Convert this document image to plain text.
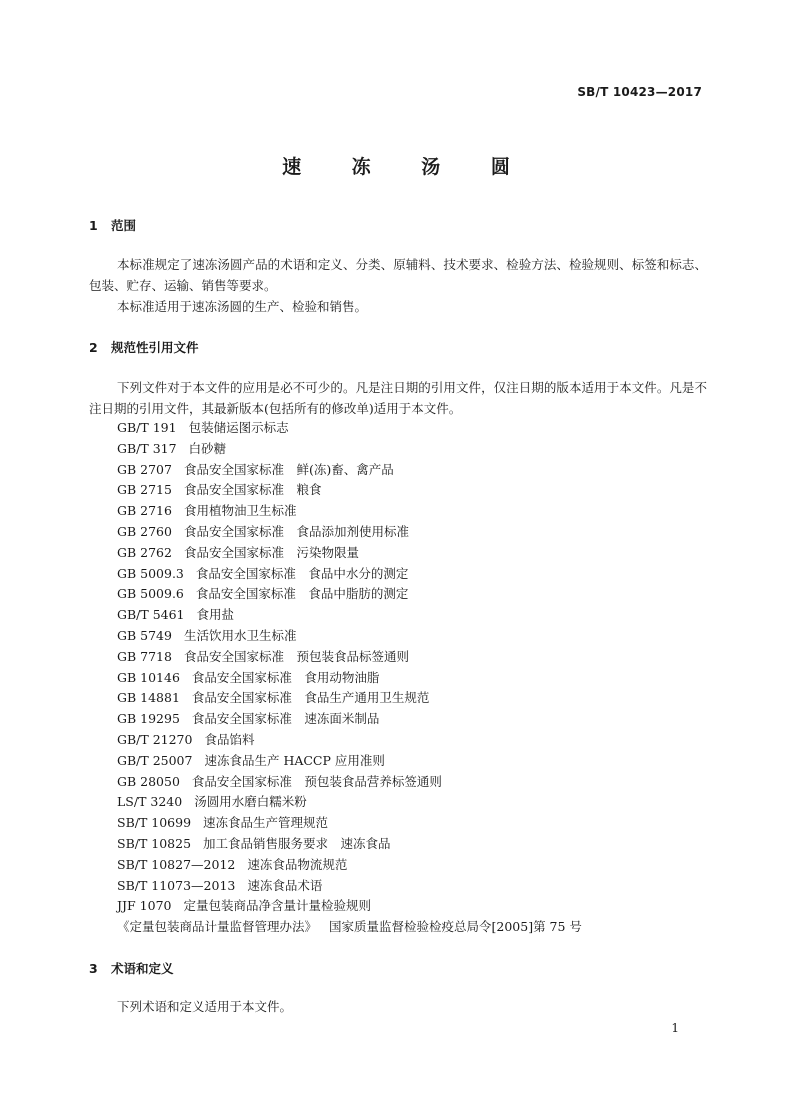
SB/T 10423—2017
速 冻 汤 圆
1 范围
本标准规定了速冻汤圆产品的术语和定义、分类、原辅料、技术要求、检验方法、检验规则、标签和标志、包装、贮存、运输、销售等要求。
本标准适用于速冻汤圆的生产、检验和销售。
2 规范性引用文件
下列文件对于本文件的应用是必不可少的。凡是注日期的引用文件，仅注日期的版本适用于本文件。凡是不注日期的引用文件，其最新版本(包括所有的修改单)适用于本文件。
GB/T 191 包装储运图示标志
GB/T 317 白砂糖
GB 2707 食品安全国家标准　鲜(冻)畜、禽产品
GB 2715 食品安全国家标准　粮食
GB 2716 食用植物油卫生标准
GB 2760 食品安全国家标准　食品添加剂使用标准
GB 2762 食品安全国家标准　污染物限量
GB 5009.3 食品安全国家标准　食品中水分的测定
GB 5009.6 食品安全国家标准　食品中脂肪的测定
GB/T 5461 食用盐
GB 5749 生活饮用水卫生标准
GB 7718 食品安全国家标准　预包装食品标签通则
GB 10146 食品安全国家标准　食用动物油脂
GB 14881 食品安全国家标准　食品生产通用卫生规范
GB 19295 食品安全国家标准　速冻面米制品
GB/T 21270 食品馅料
GB/T 25007 速冻食品生产 HACCP 应用准则
GB 28050 食品安全国家标准　预包装食品营养标签通则
LS/T 3240 汤圆用水磨白糯米粉
SB/T 10699 速冻食品生产管理规范
SB/T 10825 加工食品销售服务要求　速冻食品
SB/T 10827—2012 速冻食品物流规范
SB/T 11073—2013 速冻食品术语
JJF 1070 定量包装商品净含量计量检验规则
《定量包装商品计量监督管理办法》 国家质量监督检验检疫总局令[2005]第 75 号
3 术语和定义
下列术语和定义适用于本文件。
1
